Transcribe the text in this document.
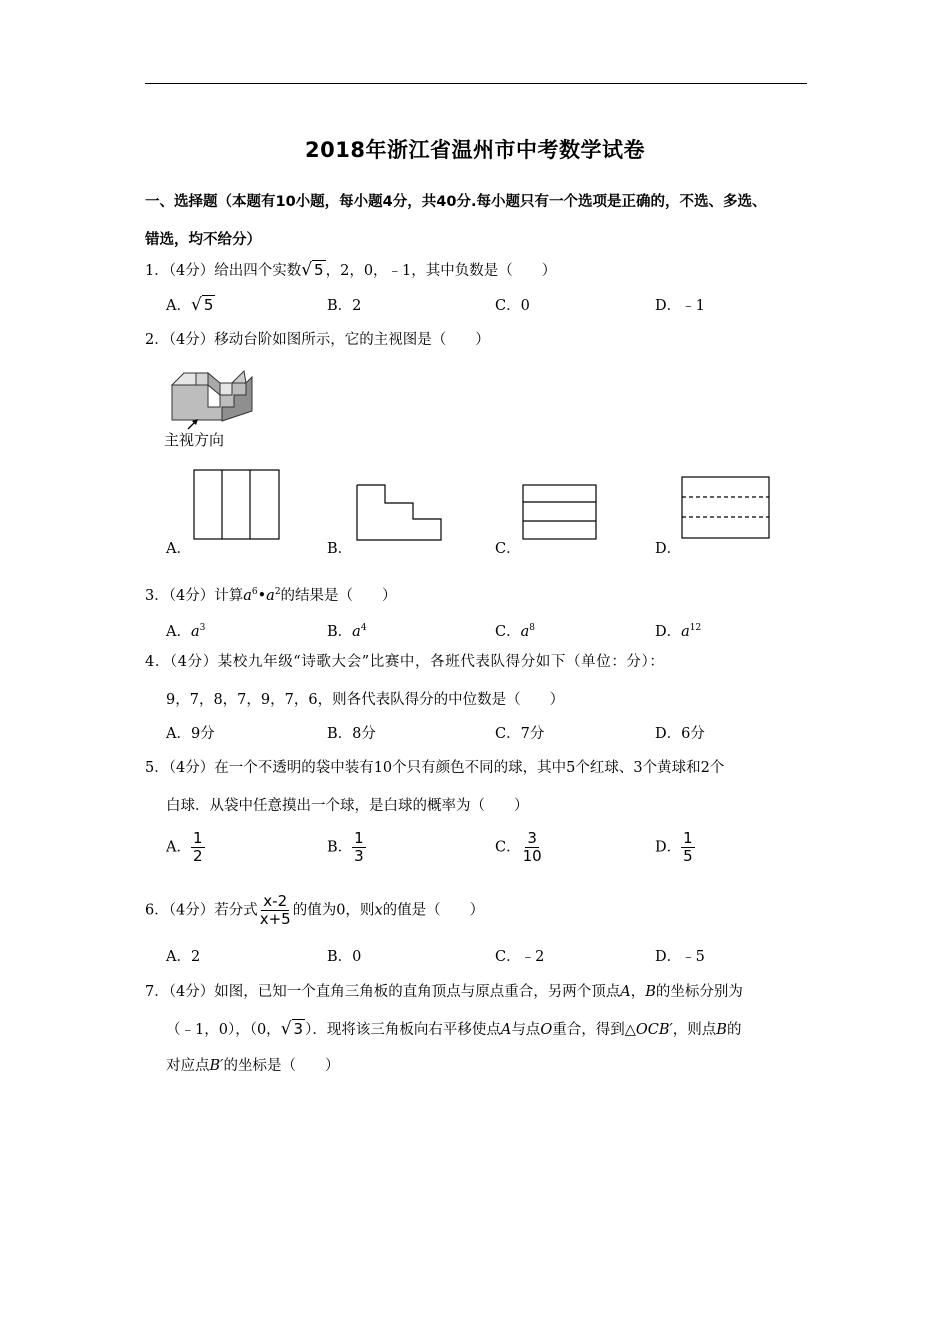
2018年浙江省温州市中考数学试卷
一、选择题（本题有10小题，每小题4分，共40分.每小题只有一个选项是正确的，不选、多选、
错选，均不给分）
1．（4分）给出四个实数√ 5 ，2，0，﹣1，其中负数是（　　）
A．√ 5	B．2	C．0	D．﹣1
2．（4分）移动台阶如图所示，它的主视图是（　　）
主视方向
A．	B．	C．	D．
3．（4分）计算$a^6•a^2$的结果是（　　）
A．$a^3$	B．$a^4$	C．$a^8$	D．$a^{12}$
4．（4分）某校九年级“诗歌大会”比赛中，各班代表队得分如下（单位：分）：
9，7，8，7，9，7，6，则各代表队得分的中位数是（　　）
A．9分	B．8分	C．7分	D．6分
5．（4分）在一个不透明的袋中装有10个只有颜色不同的球，其中5个红球、3个黄球和2个
白球．从袋中任意摸出一个球，是白球的概率为（　　）
A． $\frac{1}{2}$	B． $\frac{1}{3}$	C． $\frac{3}{10}$	D． $\frac{1}{5}$
6．（4分）若分式 $\frac{x-2}{x+5}$ 的值为0，则x的值是（　　）
A．2	B．0	C．﹣2	D．﹣5
7．（4分）如图，已知一个直角三角板的直角顶点与原点重合，另两个顶点A，B的坐标分别为
（﹣1，0），（0，√ 3 ）．现将该三角板向右平移使点A与点O重合，得到△OCB′，则点B的
对应点B′的坐标是（　　）
